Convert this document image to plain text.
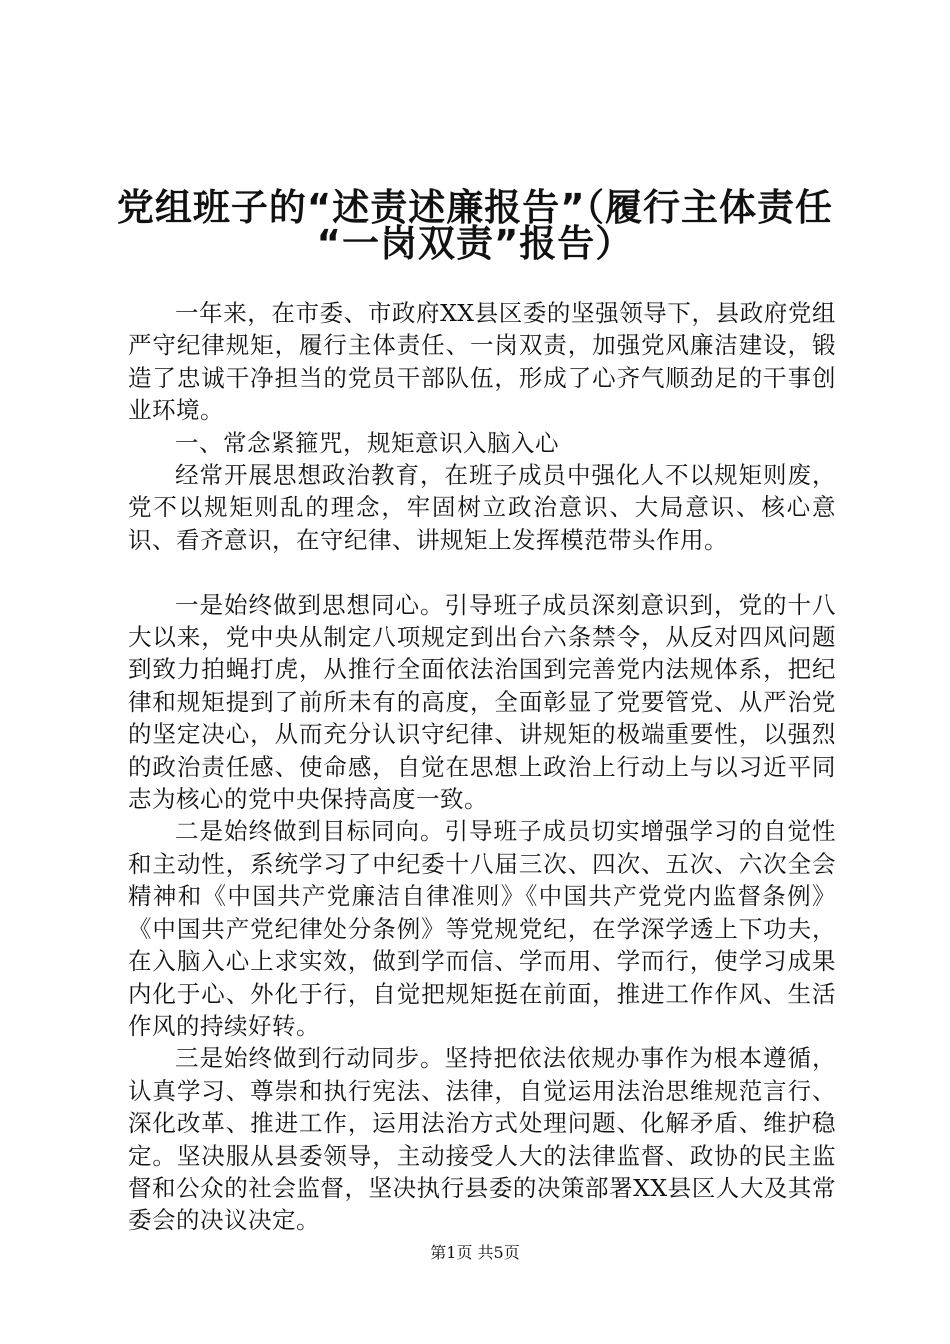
党组班子的“述责述廉报告”（履行主体责任
“一岗双责”报告）

一年来，在市委、市政府XX县区委的坚强领导下，县政府党组严守纪律规矩，履行主体责任、一岗双责，加强党风廉洁建设，锻造了忠诚干净担当的党员干部队伍，形成了心齐气顺劲足的干事创业环境。

一、常念紧箍咒，规矩意识入脑入心

经常开展思想政治教育，在班子成员中强化人不以规矩则废，党不以规矩则乱的理念，牢固树立政治意识、大局意识、核心意识、看齐意识，在守纪律、讲规矩上发挥模范带头作用。

一是始终做到思想同心。引导班子成员深刻意识到，党的十八大以来，党中央从制定八项规定到出台六条禁令，从反对四风问题到致力拍蝇打虎，从推行全面依法治国到完善党内法规体系，把纪律和规矩提到了前所未有的高度，全面彰显了党要管党、从严治党的坚定决心，从而充分认识守纪律、讲规矩的极端重要性，以强烈的政治责任感、使命感，自觉在思想上政治上行动上与以习近平同志为核心的党中央保持高度一致。

二是始终做到目标同向。引导班子成员切实增强学习的自觉性和主动性，系统学习了中纪委十八届三次、四次、五次、六次全会精神和《中国共产党廉洁自律准则》《中国共产党党内监督条例》《中国共产党纪律处分条例》等党规党纪，在学深学透上下功夫，在入脑入心上求实效，做到学而信、学而用、学而行，使学习成果内化于心、外化于行，自觉把规矩挺在前面，推进工作作风、生活作风的持续好转。

三是始终做到行动同步。坚持把依法依规办事作为根本遵循，认真学习、尊崇和执行宪法、法律，自觉运用法治思维规范言行、深化改革、推进工作，运用法治方式处理问题、化解矛盾、维护稳定。坚决服从县委领导，主动接受人大的法律监督、政协的民主监督和公众的社会监督，坚决执行县委的决策部署XX县区人大及其常委会的决议决定。

第1页 共5页
